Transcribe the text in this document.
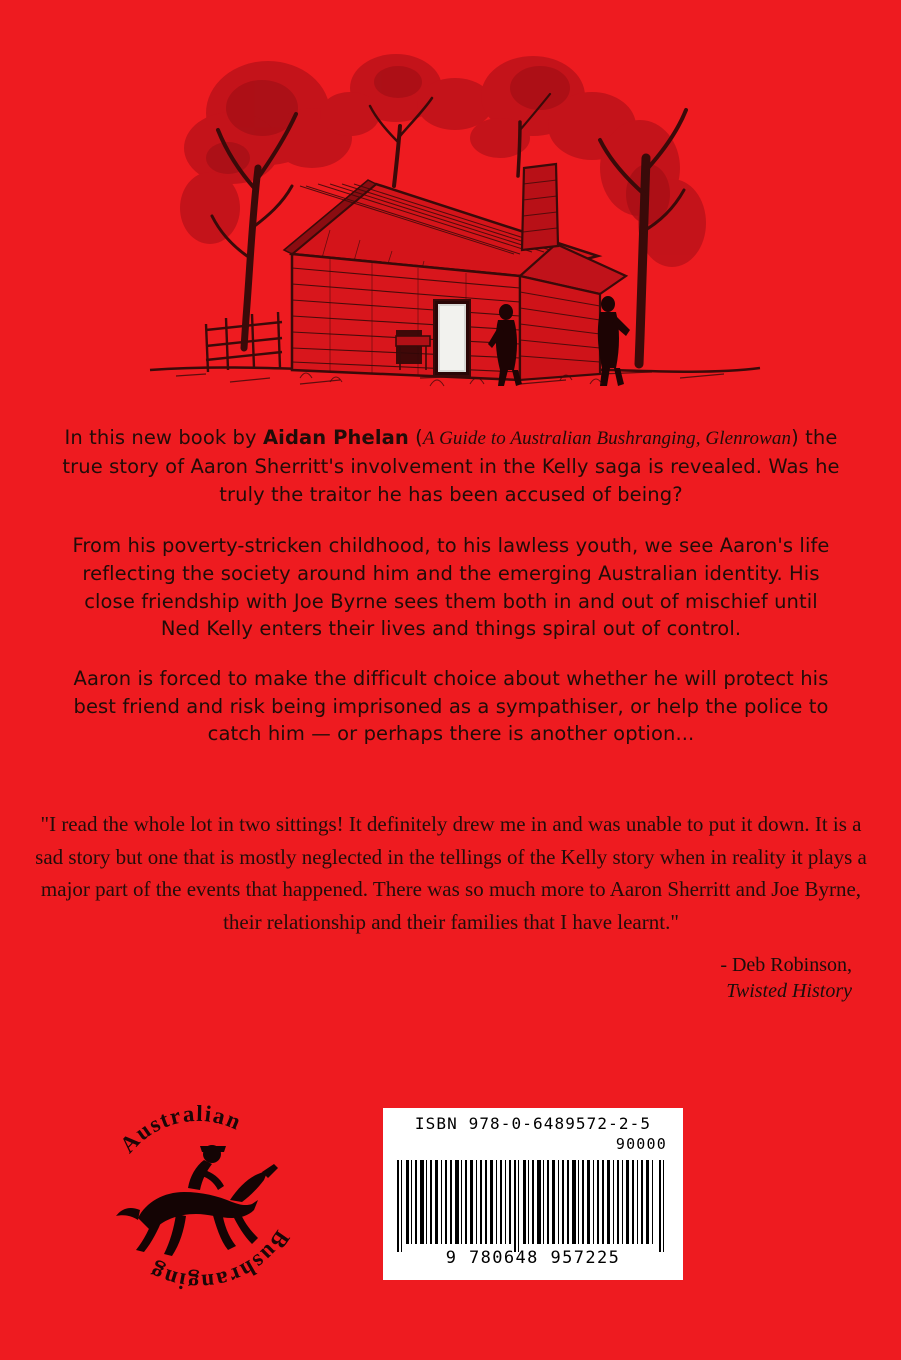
In this new book by Aidan Phelan (A Guide to Australian Bushranging, Glenrowan) the true story of Aaron Sherritt's involvement in the Kelly saga is revealed. Was he truly the traitor he has been accused of being?

From his poverty-stricken childhood, to his lawless youth, we see Aaron's life reflecting the society around him and the emerging Australian identity. His close friendship with Joe Byrne sees them both in and out of mischief until Ned Kelly enters their lives and things spiral out of control.

Aaron is forced to make the difficult choice about whether he will protect his best friend and risk being imprisoned as a sympathiser, or help the police to catch him — or perhaps there is another option...

"I read the whole lot in two sittings! It definitely drew me in and was unable to put it down. It is a sad story but one that is mostly neglected in the tellings of the Kelly story when in reality it plays a major part of the events that happened. There was so much more to Aaron Sherritt and Joe Byrne, their relationship and their families that I have learnt."

- Deb Robinson,
Twisted History
Australian
Bushranging
ISBN 978-0-6489572-2-5
90000
9 780648 957225
